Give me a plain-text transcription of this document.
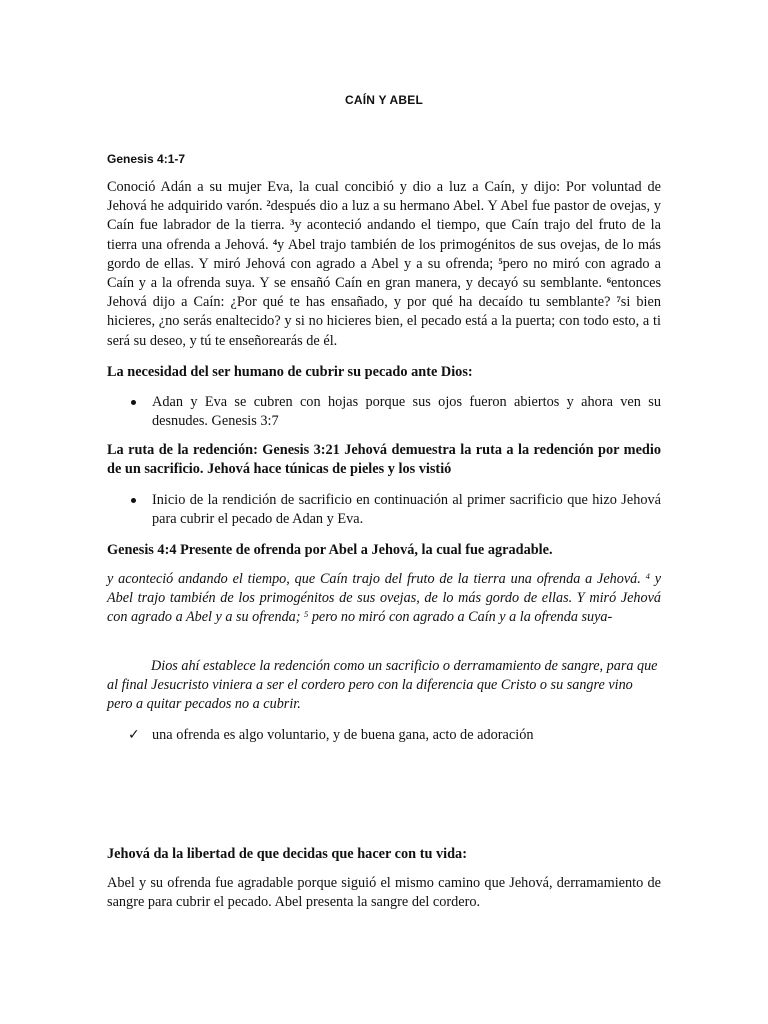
CAÍN Y ABEL
Genesis 4:1-7

Conoció Adán a su mujer Eva, la cual concibió y dio a luz a Caín, y dijo: Por voluntad de Jehová he adquirido varón. $^2$después dio a luz a su hermano Abel. Y Abel fue pastor de ovejas, y Caín fue labrador de la tierra. $^3$y aconteció andando el tiempo, que Caín trajo del fruto de la tierra una ofrenda a Jehová. $^4$y Abel trajo también de los primogénitos de sus ovejas, de lo más gordo de ellas. Y miró Jehová con agrado a Abel y a su ofrenda; $^5$pero no miró con agrado a Caín y a la ofrenda suya. Y se ensañó Caín en gran manera, y decayó su semblante. $^6$entonces Jehová dijo a Caín: ¿Por qué te has ensañado, y por qué ha decaído tu semblante? $^7$si bien hicieres, ¿no serás enaltecido? y si no hicieres bien, el pecado está a la puerta; con todo esto, a ti será su deseo, y tú te enseñorearás de él.

La necesidad del ser humano de cubrir su pecado ante Dios:

Adan y Eva se cubren con hojas porque sus ojos fueron abiertos y ahora ven su desnudes. Genesis 3:7

La ruta de la redención: Genesis 3:21 Jehová demuestra la ruta a la redención por medio de un sacrificio. Jehová hace túnicas de pieles y los vistió

Inicio de la rendición de sacrificio en continuación al primer sacrificio que hizo Jehová para cubrir el pecado de Adan y Eva.

Genesis 4:4 Presente de ofrenda por Abel a Jehová, la cual fue agradable.

y aconteció andando el tiempo, que Caín trajo del fruto de la tierra una ofrenda a Jehová. $^4$ y Abel trajo también de los primogénitos de sus ovejas, de lo más gordo de ellas. Y miró Jehová con agrado a Abel y a su ofrenda; $^5$ pero no miró con agrado a Caín y a la ofrenda suya-

Dios ahí establece la redención como un sacrificio o derramamiento de sangre, para que al final Jesucristo viniera a ser el cordero pero con la diferencia que Cristo o su sangre vino pero a quitar pecados no a cubrir.

✓ una ofrenda es algo voluntario, y de buena gana, acto de adoración

Jehová da la libertad de que decidas que hacer con tu vida:

Abel y su ofrenda fue agradable porque siguió el mismo camino que Jehová, derramamiento de sangre para cubrir el pecado. Abel presenta la sangre del cordero.
